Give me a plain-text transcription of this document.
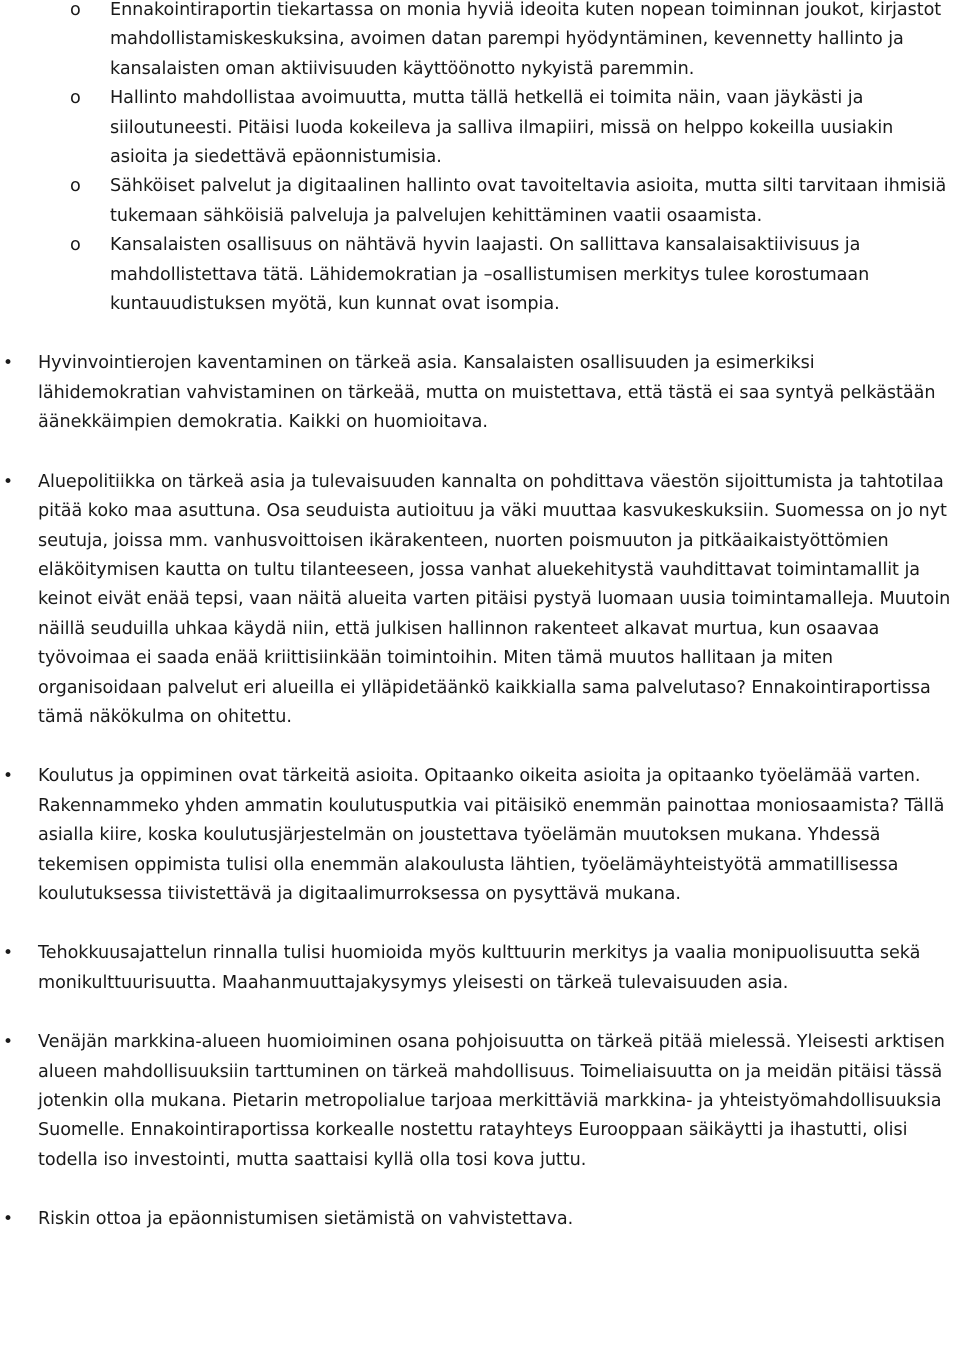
o Ennakointiraportin tiekartassa on monia hyviä ideoita kuten nopean toiminnan joukot, kirjastot mahdollistamiskeskuksina, avoimen datan parempi hyödyntäminen, kevennetty hallinto ja kansalaisten oman aktiivisuuden käyttöönotto nykyistä paremmin.
o Hallinto mahdollistaa avoimuutta, mutta tällä hetkellä ei toimita näin, vaan jäykästi ja siiloutuneesti. Pitäisi luoda kokeileva ja salliva ilmapiiri, missä on helppo kokeilla uusiakin asioita ja siedettävä epäonnistumisia.
o Sähköiset palvelut ja digitaalinen hallinto ovat tavoiteltavia asioita, mutta silti tarvitaan ihmisiä tukemaan sähköisiä palveluja ja palvelujen kehittäminen vaatii osaamista.
o Kansalaisten osallisuus on nähtävä hyvin laajasti. On sallittava kansalaisaktiivisuus ja mahdollistettava tätä. Lähidemokratian ja –osallistumisen merkitys tulee korostumaan kuntauudistuksen myötä, kun kunnat ovat isompia.
• Hyvinvointierojen kaventaminen on tärkeä asia. Kansalaisten osallisuuden ja esimerkiksi lähidemokratian vahvistaminen on tärkeää, mutta on muistettava, että tästä ei saa syntyä pelkästään äänekkäimpien demokratia. Kaikki on huomioitava.
• Aluepolitiikka on tärkeä asia ja tulevaisuuden kannalta on pohdittava väestön sijoittumista ja tahtotilaa pitää koko maa asuttuna. Osa seuduista autioituu ja väki muuttaa kasvukeskuksiin. Suomessa on jo nyt seutuja, joissa mm. vanhusvoittoisen ikärakenteen, nuorten poismuuton ja pitkäaikaistyöttömien eläköitymisen kautta on tultu tilanteeseen, jossa vanhat aluekehitystä vauhdittavat toimintamallit ja keinot eivät enää tepsi, vaan näitä alueita varten pitäisi pystyä luomaan uusia toimintamalleja. Muutoin näillä seuduilla uhkaa käydä niin, että julkisen hallinnon rakenteet alkavat murtua, kun osaavaa työvoimaa ei saada enää kriittisiinkään toimintoihin. Miten tämä muutos hallitaan ja miten organisoidaan palvelut eri alueilla ei ylläpidetäänkö kaikkialla sama palvelutaso? Ennakointiraportissa tämä näkökulma on ohitettu.
• Koulutus ja oppiminen ovat tärkeitä asioita. Opitaanko oikeita asioita ja opitaanko työelämää varten. Rakennammeko yhden ammatin koulutusputkia vai pitäisikö enemmän painottaa moniosaamista? Tällä asialla kiire, koska koulutusjärjestelmän on joustettava työelämän muutoksen mukana. Yhdessä tekemisen oppimista tulisi olla enemmän alakoulusta lähtien, työelämäyhteistyötä ammatillisessa koulutuksessa tiivistettävä ja digitaalimurroksessa on pysyttävä mukana.
• Tehokkuusajattelun rinnalla tulisi huomioida myös kulttuurin merkitys ja vaalia monipuolisuutta sekä monikulttuurisuutta. Maahanmuuttajakysymys yleisesti on tärkeä tulevaisuuden asia.
• Venäjän markkina-alueen huomioiminen osana pohjoisuutta on tärkeä pitää mielessä. Yleisesti arktisen alueen mahdollisuuksiin tarttuminen on tärkeä mahdollisuus. Toimeliaisuutta on ja meidän pitäisi tässä jotenkin olla mukana. Pietarin metropolialue tarjoaa merkittäviä markkina- ja yhteistyömahdollisuuksia Suomelle. Ennakointiraportissa korkealle nostettu ratayhteys Eurooppaan säikäytti ja ihastutti, olisi todella iso investointi, mutta saattaisi kyllä olla tosi kova juttu.
• Riskin ottoa ja epäonnistumisen sietämistä on vahvistettava.
